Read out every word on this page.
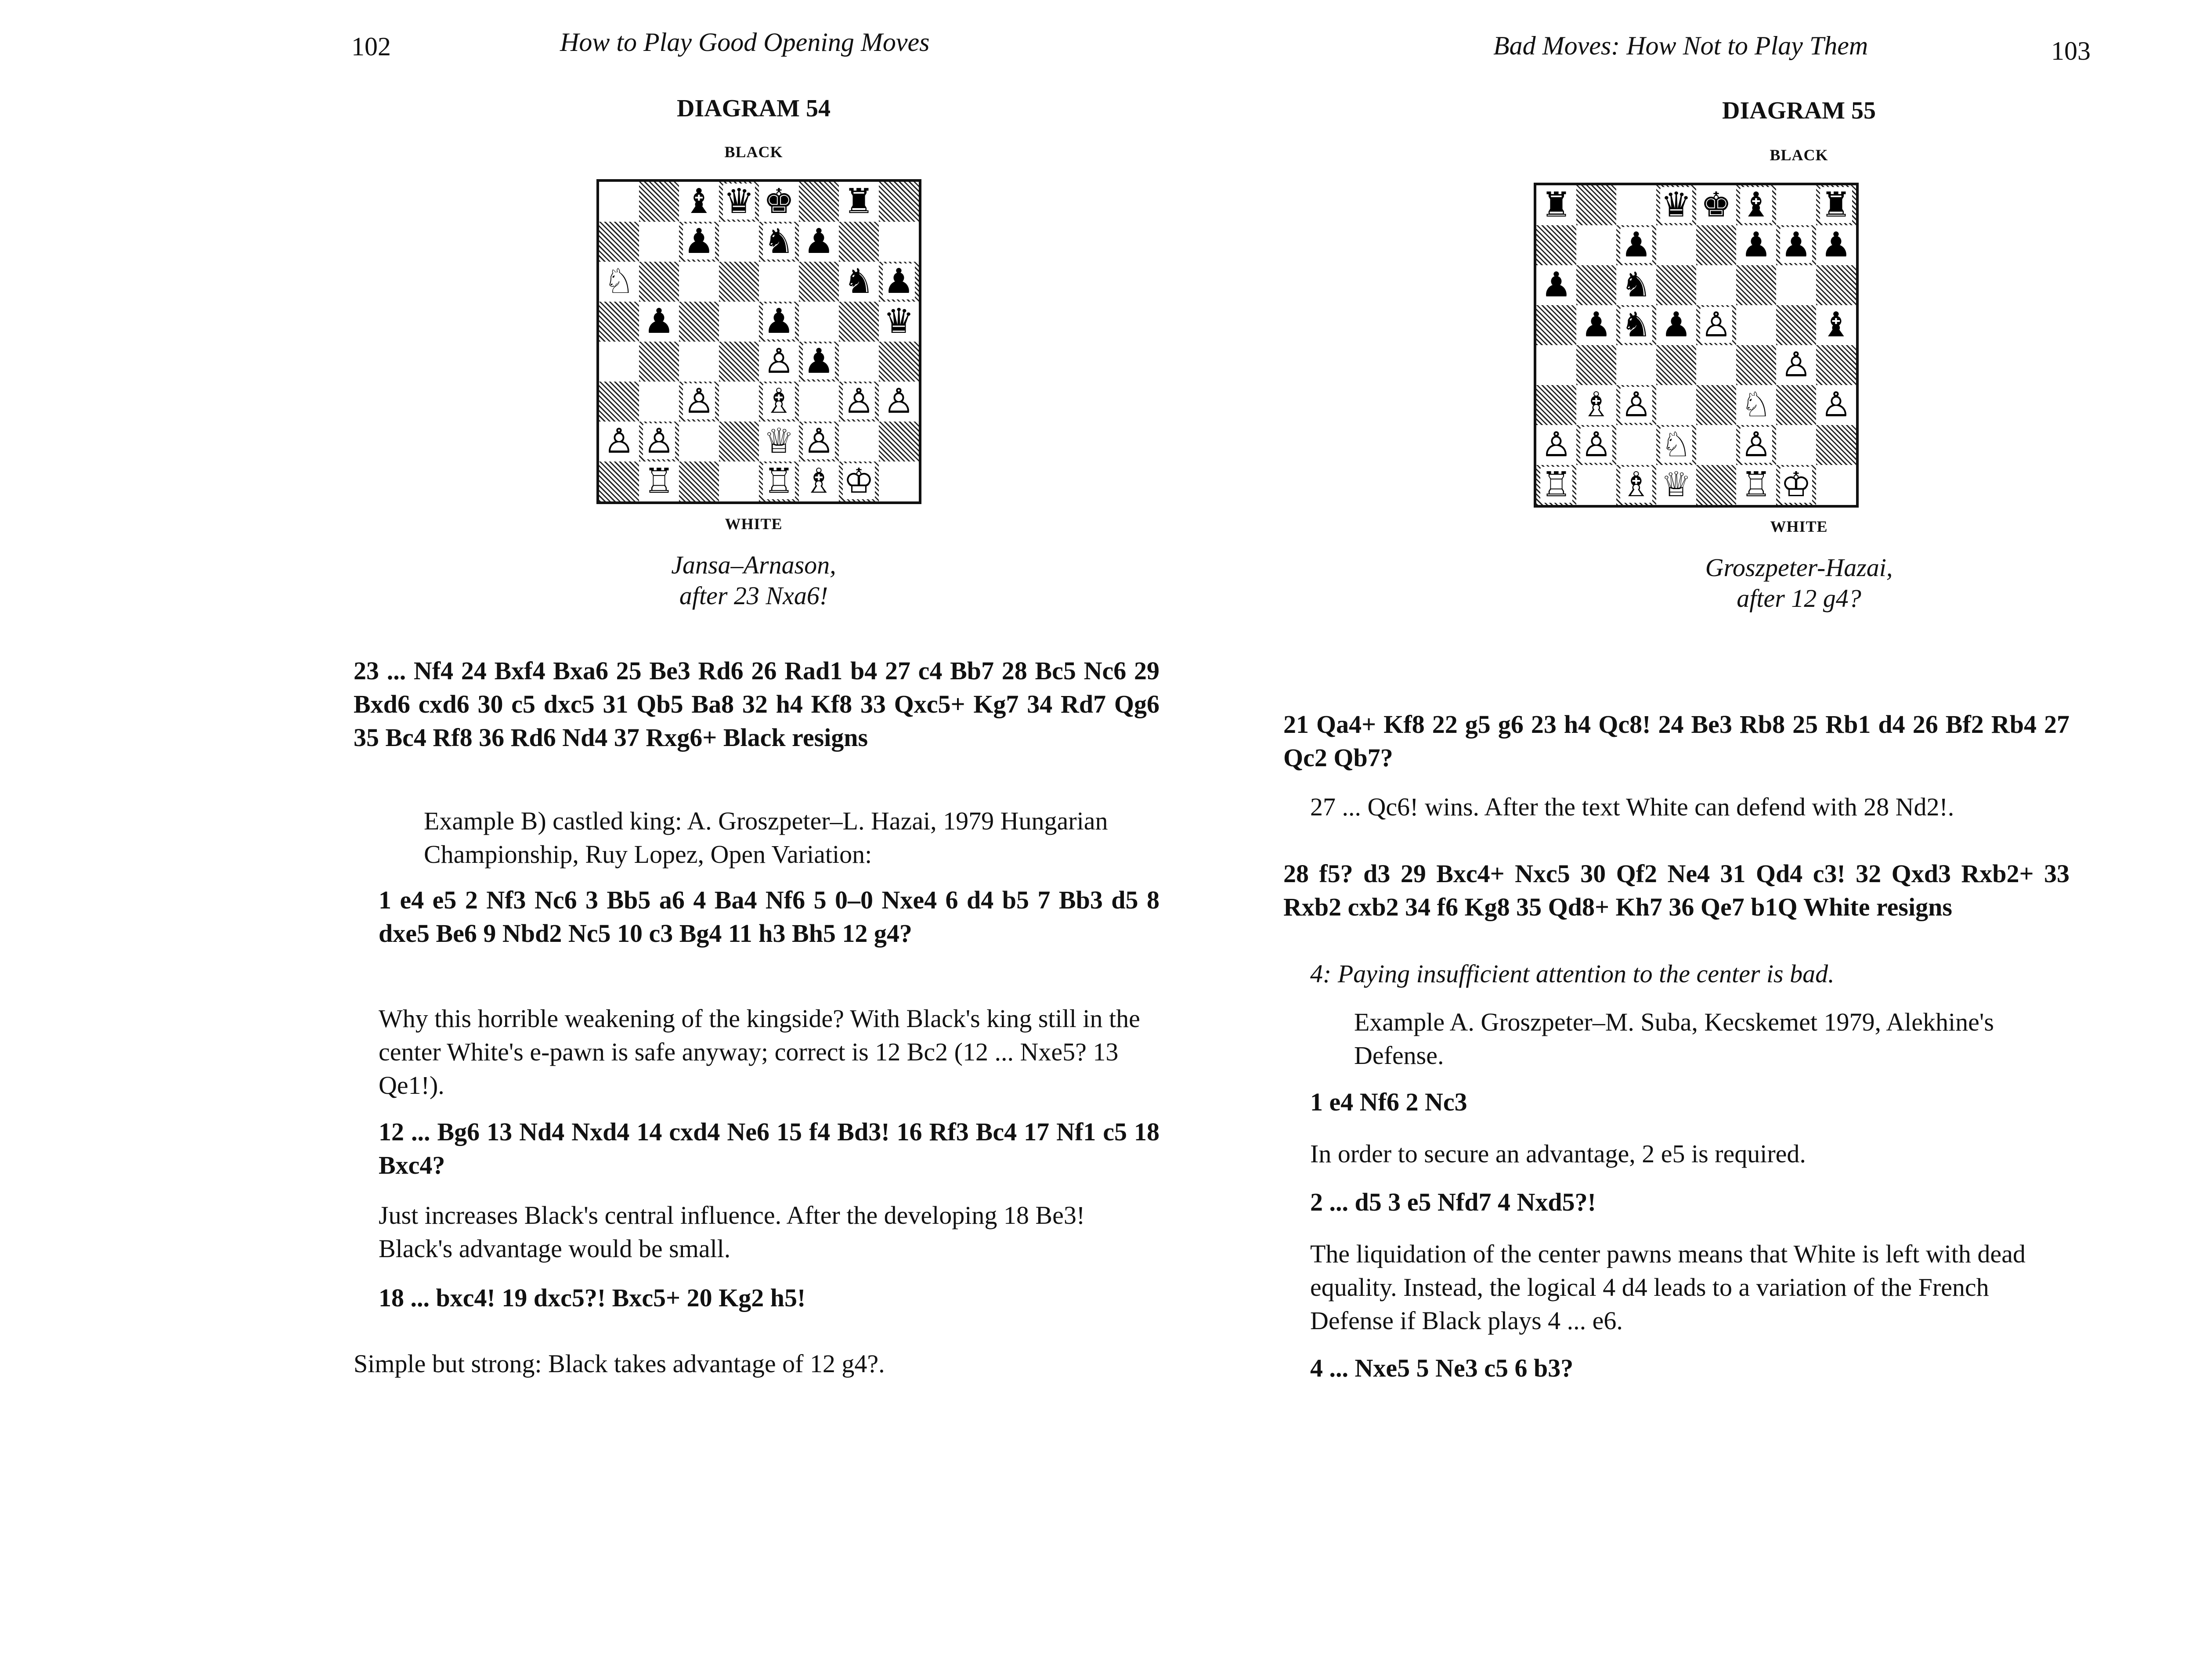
102	How to Play Good Opening Moves
DIAGRAM 54
BLACK
♝ ♛ ♚ ♜
♟ ♞ ♟
♘	♞ ♟
♟	♟	♛
♙ ♟
♙ ♗ ♙ ♙
♙ ♙	♕ ♙
♖	♖ ♗ ♔
WHITE
Jansa–Arnason,
after 23 Nxa6!
23 ... Nf4 24 Bxf4 Bxa6 25 Be3 Rd6 26 Rad1 b4 27 c4 Bb7 28 Bc5 Nc6 29 Bxd6 cxd6 30 c5 dxc5 31 Qb5 Ba8 32 h4 Kf8 33 Qxc5+ Kg7 34 Rd7 Qg6 35 Bc4 Rf8 36 Rd6 Nd4 37 Rxg6+ Black resigns
Example B) castled king: A. Groszpeter–L. Hazai, 1979 Hungarian Championship, Ruy Lopez, Open Variation:
1 e4 e5 2 Nf3 Nc6 3 Bb5 a6 4 Ba4 Nf6 5 0–0 Nxe4 6 d4 b5 7 Bb3 d5 8 dxe5 Be6 9 Nbd2 Nc5 10 c3 Bg4 11 h3 Bh5 12 g4?
Why this horrible weakening of the kingside? With Black's king still in the center White's e-pawn is safe anyway; correct is 12 Bc2 (12 ... Nxe5? 13 Qe1!).
12 ... Bg6 13 Nd4 Nxd4 14 cxd4 Ne6 15 f4 Bd3! 16 Rf3 Bc4 17 Nf1 c5 18 Bxc4?
Just increases Black's central influence. After the developing 18 Be3! Black's advantage would be small.
18 ... bxc4! 19 dxc5?! Bxc5+ 20 Kg2 h5!
Simple but strong: Black takes advantage of 12 g4?.
Bad Moves: How Not to Play Them	103
DIAGRAM 55
BLACK
♜	♛ ♚ ♝ ♜
♟	♟ ♟ ♟
♟ ♞
♟ ♞ ♟ ♙	♝
♙
♗ ♙	♘ ♙
♙ ♙ ♘ ♙
♖ ♗ ♕ ♖ ♔
WHITE
Groszpeter-Hazai,
after 12 g4?
21 Qa4+ Kf8 22 g5 g6 23 h4 Qc8! 24 Be3 Rb8 25 Rb1 d4 26 Bf2 Rb4 27 Qc2 Qb7?
27 ... Qc6! wins. After the text White can defend with 28 Nd2!.
28 f5? d3 29 Bxc4+ Nxc5 30 Qf2 Ne4 31 Qd4 c3! 32 Qxd3 Rxb2+ 33 Rxb2 cxb2 34 f6 Kg8 35 Qd8+ Kh7 36 Qe7 b1Q White resigns
4: Paying insufficient attention to the center is bad.
Example A. Groszpeter–M. Suba, Kecskemet 1979, Alekhine's Defense.
1 e4 Nf6 2 Nc3
In order to secure an advantage, 2 e5 is required.
2 ... d5 3 e5 Nfd7 4 Nxd5?!
The liquidation of the center pawns means that White is left with dead equality. Instead, the logical 4 d4 leads to a variation of the French Defense if Black plays 4 ... e6.
4 ... Nxe5 5 Ne3 c5 6 b3?
